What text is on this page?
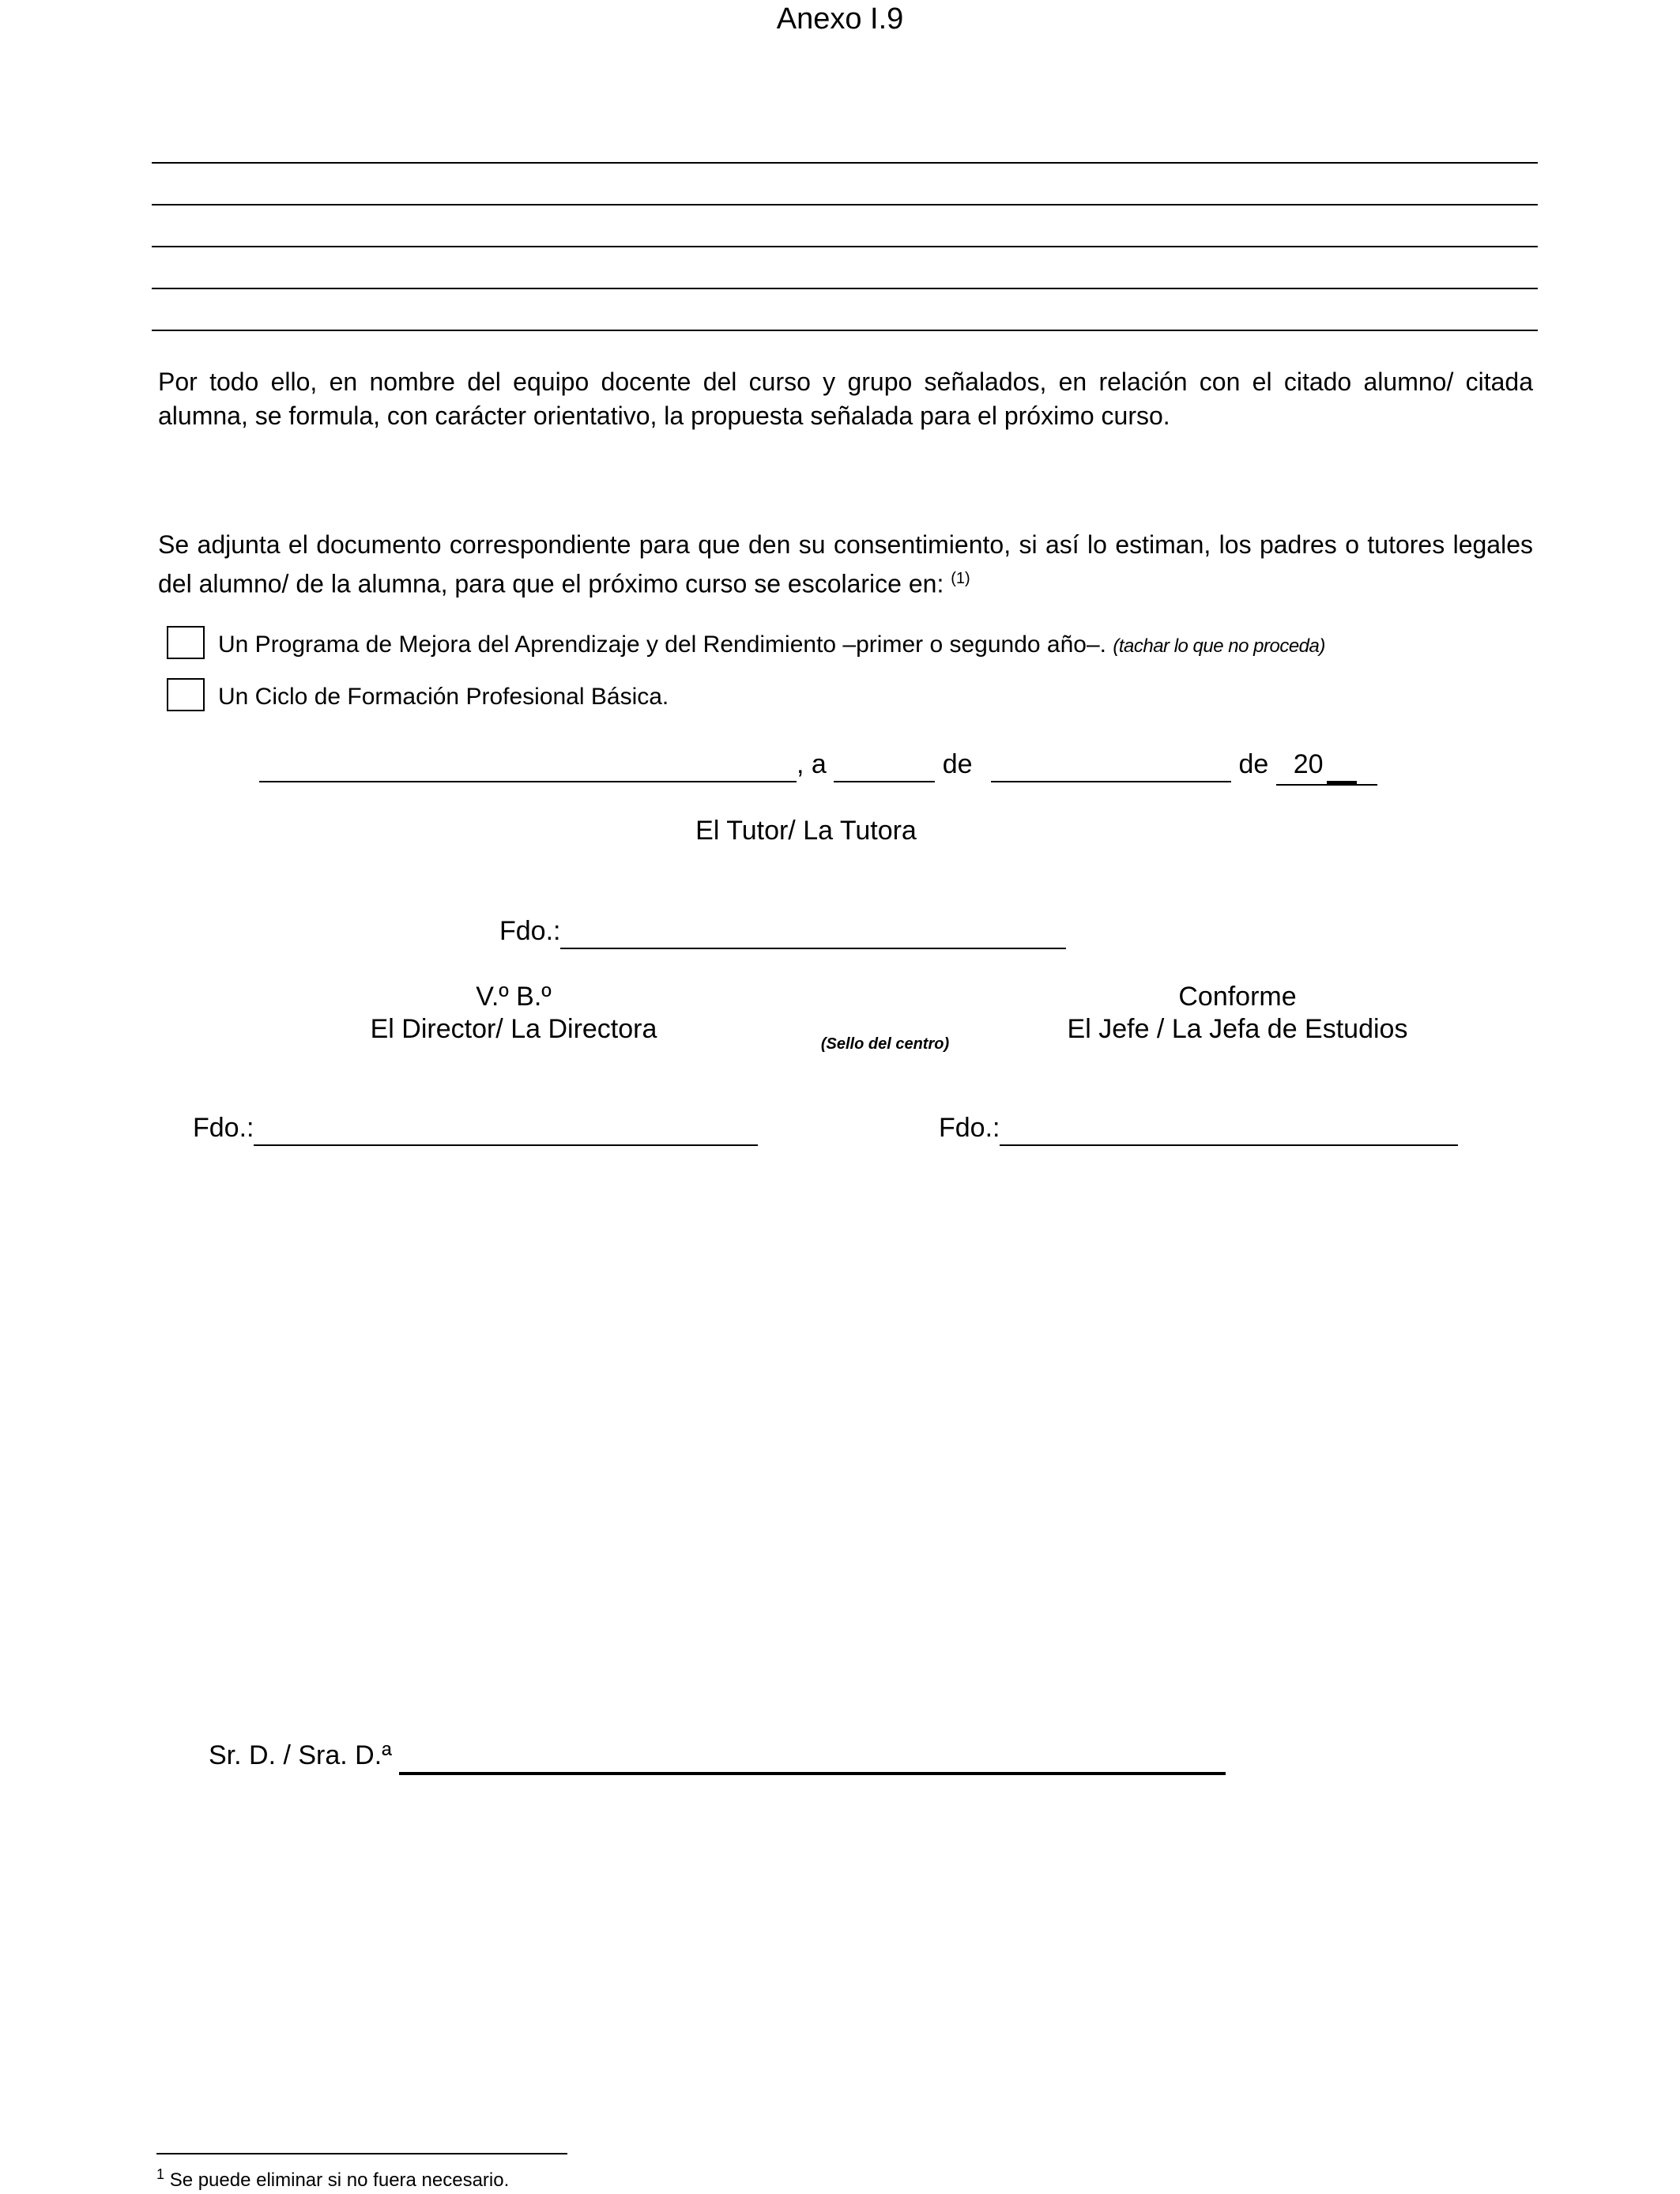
Anexo I.9
Por todo ello, en nombre del equipo docente del curso y grupo señalados, en relación con el citado alumno/ citada alumna, se formula, con carácter orientativo, la propuesta señalada para el próximo curso.
Se adjunta el documento correspondiente para que den su consentimiento, si así lo estiman, los padres o tutores legales del alumno/ de la alumna, para que el próximo curso se escolarice en: $^{(1)}$
Un Programa de Mejora del Aprendizaje y del Rendimiento –primer o segundo año–. (tachar lo que no proceda)
Un Ciclo de Formación Profesional Básica.
, a	de	de 20
El Tutor/ La Tutora
Fdo.:
V.º B.º
El Director/ La Directora	(Sello del centro)
Conforme
El Jefe / La Jefa de Estudios
Fdo.:	Fdo.:
Sr. D. / Sra. D.ª
$^1$ Se puede eliminar si no fuera necesario.
